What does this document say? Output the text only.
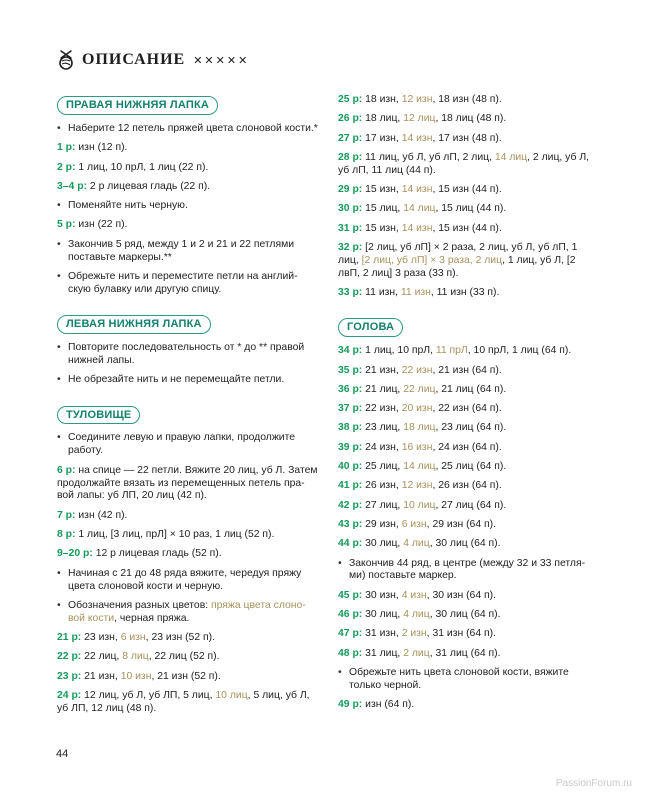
ОПИСАНИЕ ✕✕✕✕✕
ПРАВАЯ НИЖНЯЯ ЛАПКА
• Наберите 12 петель пряжей цвета слоновой кости.*
1 р: изн (12 п).
2 р: 1 лиц, 10 прЛ, 1 лиц (22 п).
3–4 р: 2 р лицевая гладь (22 п).
• Поменяйте нить черную.
5 р: изн (22 п).
• Закончив 5 ряд, между 1 и 2 и 21 и 22 петлями поставьте маркеры.**
• Обрежьте нить и переместите петли на англий-скую булавку или другую спицу.
ЛЕВАЯ НИЖНЯЯ ЛАПКА
• Повторите последовательность от * до ** правой нижней лапы.
• Не обрезайте нить и не перемещайте петли.
ТУЛОВИЩЕ
• Соедините левую и правую лапки, продолжите работу.
6 р: на спице — 22 петли. Вяжите 20 лиц, уб Л. Затем продолжайте вязать из перемещенных петель пра-вой лапы: уб ЛП, 20 лиц (42 п).
7 р: изн (42 п).
8 р: 1 лиц, [3 лиц, прЛ] × 10 раз, 1 лиц (52 п).
9–20 р: 12 р лицевая гладь (52 п).
• Начиная с 21 до 48 ряда вяжите, чередуя пряжу цвета слоновой кости и черную.
• Обозначения разных цветов: пряжа цвета слоно-вой кости, черная пряжа.
21 р: 23 изн, 6 изн, 23 изн (52 п).
22 р: 22 лиц, 8 лиц, 22 лиц (52 п).
23 р: 21 изн, 10 изн, 21 изн (52 п).
24 р: 12 лиц, уб Л, уб ЛП, 5 лиц, 10 лиц, 5 лиц, уб Л, уб ЛП, 12 лиц (48 п).
25 р: 18 изн, 12 изн, 18 изн (48 п).
26 р: 18 лиц, 12 лиц, 18 лиц (48 п).
27 р: 17 изн, 14 изн, 17 изн (48 п).
28 р: 11 лиц, уб Л, уб лП, 2 лиц, 14 лиц, 2 лиц, уб Л, уб лП, 11 лиц (44 п).
29 р: 15 изн, 14 изн, 15 изн (44 п).
30 р: 15 лиц, 14 лиц, 15 лиц (44 п).
31 р: 15 изн, 14 изн, 15 изн (44 п).
32 р: [2 лиц, уб лП] × 2 раза, 2 лиц, уб Л, уб лП, 1 лиц, [2 лиц, уб лП] × 3 раза, 2 лиц, 1 лиц, уб Л, [2 лвП, 2 лиц] 3 раза (33 п).
33 р: 11 изн, 11 изн, 11 изн (33 п).
ГОЛОВА
34 р: 1 лиц, 10 прЛ, 11 прЛ, 10 прЛ, 1 лиц (64 п).
35 р: 21 изн, 22 изн, 21 изн (64 п).
36 р: 21 лиц, 22 лиц, 21 лиц (64 п).
37 р: 22 изн, 20 изн, 22 изн (64 п).
38 р: 23 лиц, 18 лиц, 23 лиц (64 п).
39 р: 24 изн, 16 изн, 24 изн (64 п).
40 р: 25 лиц, 14 лиц, 25 лиц (64 п).
41 р: 26 изн, 12 изн, 26 изн (64 п).
42 р: 27 лиц, 10 лиц, 27 лиц (64 п).
43 р: 29 изн, 6 изн, 29 изн (64 п).
44 р: 30 лиц, 4 лиц, 30 лиц (64 п).
• Закончив 44 ряд, в центре (между 32 и 33 петля-ми) поставьте маркер.
45 р: 30 изн, 4 изн, 30 изн (64 п).
46 р: 30 лиц, 4 лиц, 30 лиц (64 п).
47 р: 31 изн, 2 изн, 31 изн (64 п).
48 р: 31 лиц, 2 лиц, 31 лиц (64 п).
• Обрежьте нить цвета слоновой кости, вяжите только черной.
49 р: изн (64 п).
44
PassionForum.ru
